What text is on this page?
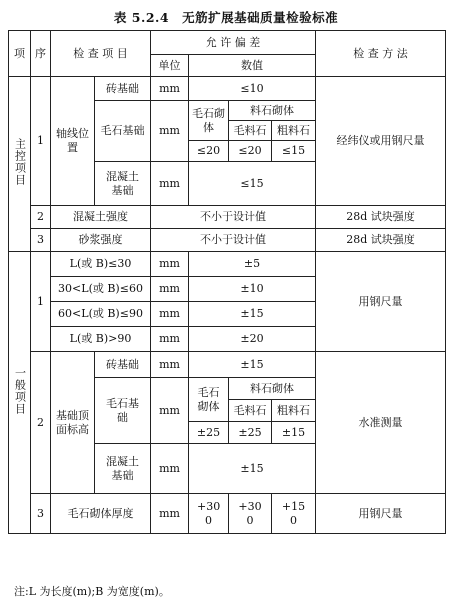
表 5.2.4　无筋扩展基础质量检验标准
项	序	检 查 项 目		允 许 偏 差				检 查 方 法
				单位	数值			
主控项目	1	轴线位置	砖基础	mm	≤10			经纬仪或用钢尺量
			毛石基础	mm	毛石砌体	料石砌体		
						毛料石	粗料石	
					≤20	≤20	≤15	
			混凝土基础	mm	≤15			
	2	混凝土强度		不小于设计值				28d 试块强度
	3	砂浆强度		不小于设计值				28d 试块强度
一般项目	1	L(或 B)≤30		mm	±5			用钢尺量
		30<L(或 B)≤60		mm	±10			
		60<L(或 B)≤90		mm	±15			
		L(或 B)>90		mm	±20			
	2	基础顶面标高	砖基础	mm	±15			水准测量
			毛石基础	mm	毛石砌体	料石砌体		
						毛料石	粗料石	
					±25	±25	±15	
			混凝土基础	mm	±15			
	3	毛石砌体厚度		mm	+30 0	+30 0	+15 0	用钢尺量
注:L 为长度(m);B 为宽度(m)。
